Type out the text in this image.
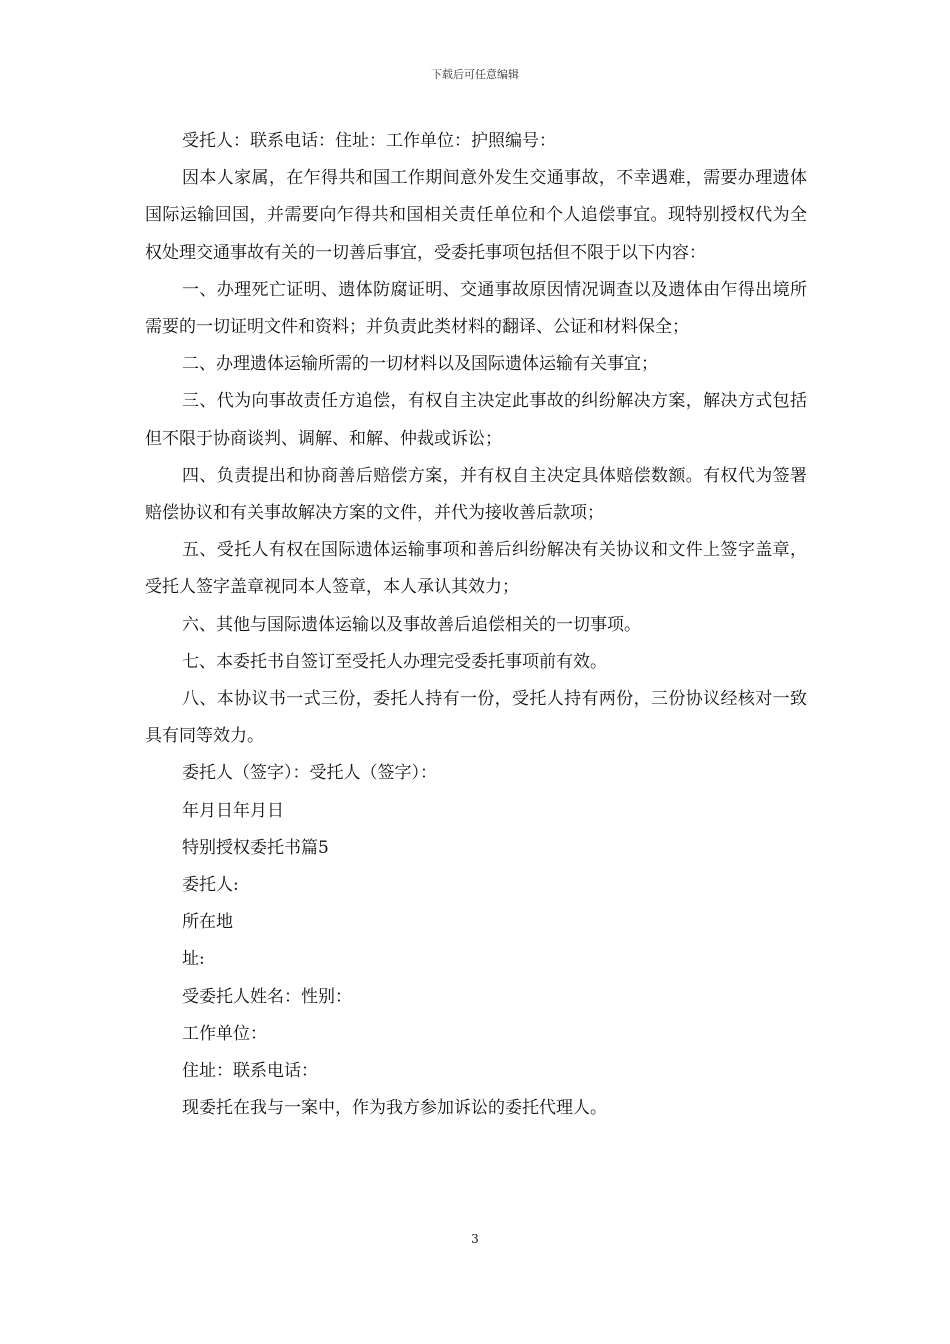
下载后可任意编辑

受托人：联系电话：住址：工作单位：护照编号：

因本人家属，在乍得共和国工作期间意外发生交通事故，不幸遇难，需要办理遗体国际运输回国，并需要向乍得共和国相关责任单位和个人追偿事宜。现特别授权代为全权处理交通事故有关的一切善后事宜，受委托事项包括但不限于以下内容：

一、办理死亡证明、遗体防腐证明、交通事故原因情况调查以及遗体由乍得出境所需要的一切证明文件和资料；并负责此类材料的翻译、公证和材料保全；

二、办理遗体运输所需的一切材料以及国际遗体运输有关事宜；

三、代为向事故责任方追偿，有权自主决定此事故的纠纷解决方案，解决方式包括但不限于协商谈判、调解、和解、仲裁或诉讼；

四、负责提出和协商善后赔偿方案，并有权自主决定具体赔偿数额。有权代为签署赔偿协议和有关事故解决方案的文件，并代为接收善后款项；

五、受托人有权在国际遗体运输事项和善后纠纷解决有关协议和文件上签字盖章，受托人签字盖章视同本人签章，本人承认其效力；

六、其他与国际遗体运输以及事故善后追偿相关的一切事项。

七、本委托书自签订至受托人办理完受委托事项前有效。

八、本协议书一式三份，委托人持有一份，受托人持有两份，三份协议经核对一致具有同等效力。

委托人（签字）：受托人（签字）：

年月日年月日

特别授权委托书篇5

委托人:

所在地

址:

受委托人姓名：性别：

工作单位：

住址：联系电话：

现委托在我与一案中，作为我方参加诉讼的委托代理人。

3
